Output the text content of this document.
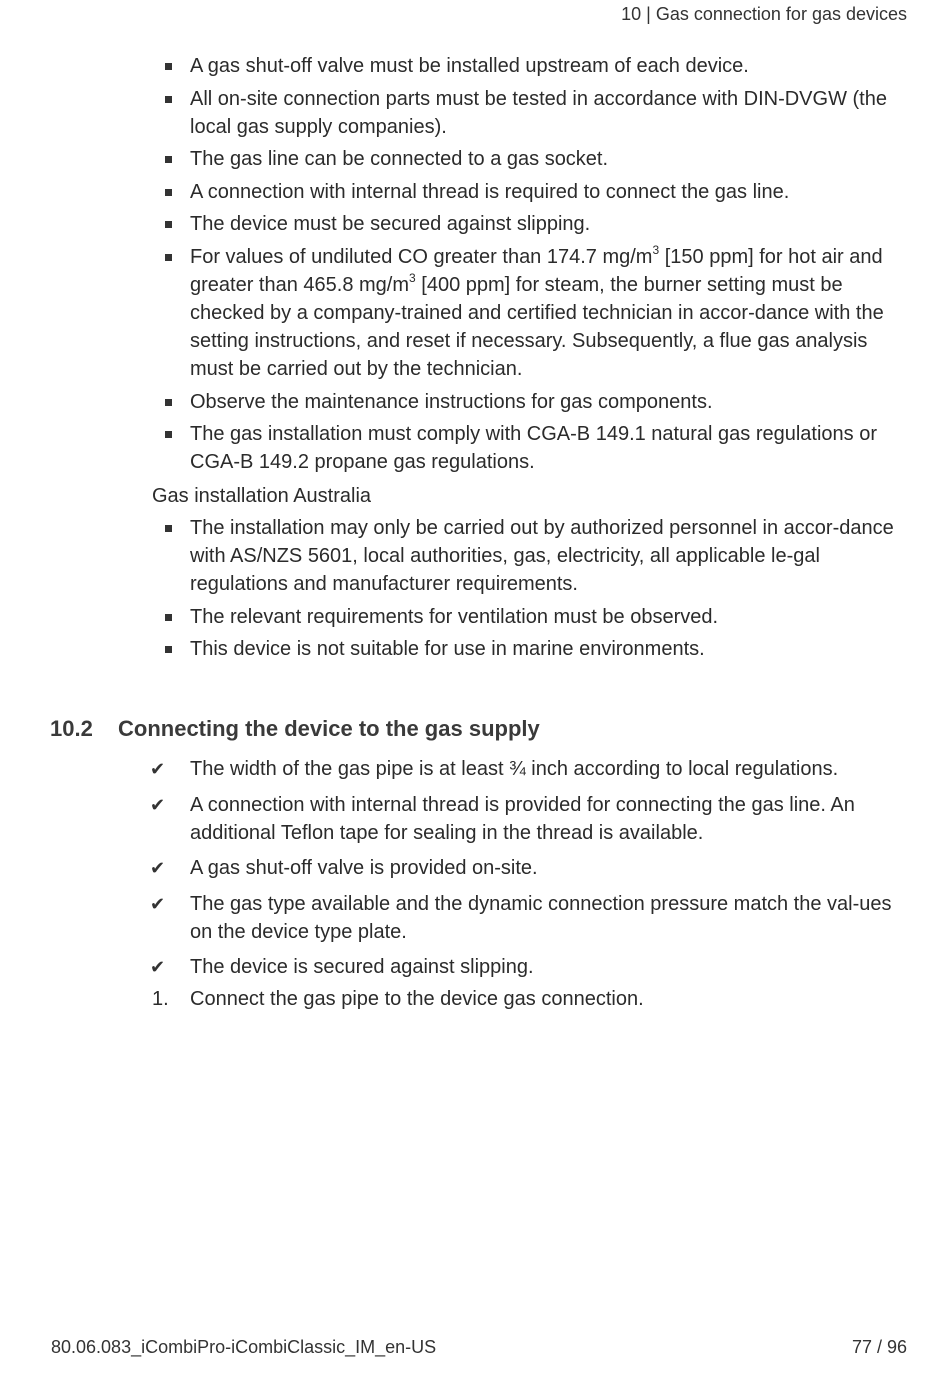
10 | Gas connection for gas devices
A gas shut-off valve must be installed upstream of each device.
All on-site connection parts must be tested in accordance with DIN-DVGW (the local gas supply companies).
The gas line can be connected to a gas socket.
A connection with internal thread is required to connect the gas line.
The device must be secured against slipping.
For values of undiluted CO greater than 174.7 $mg/m^3$ [150 ppm] for hot air and greater than 465.8 $mg/m^3$ [400 ppm] for steam, the burner setting must be checked by a company-trained and certified technician in accor-dance with the setting instructions, and reset if necessary. Subsequently, a flue gas analysis must be carried out by the technician.
Observe the maintenance instructions for gas components.
The gas installation must comply with CGA-B 149.1 natural gas regulations or CGA-B 149.2 propane gas regulations.
Gas installation Australia
The installation may only be carried out by authorized personnel in accor-dance with AS/NZS 5601, local authorities, gas, electricity, all applicable le-gal regulations and manufacturer requirements.
The relevant requirements for ventilation must be observed.
This device is not suitable for use in marine environments.
10.2 Connecting the device to the gas supply
✔ The width of the gas pipe is at least ¾ inch according to local regulations.
✔ A connection with internal thread is provided for connecting the gas line. An additional Teflon tape for sealing in the thread is available.
✔ A gas shut-off valve is provided on-site.
✔ The gas type available and the dynamic connection pressure match the val-ues on the device type plate.
✔ The device is secured against slipping.
1. Connect the gas pipe to the device gas connection.
80.06.083_iCombiPro-iCombiClassic_IM_en-US	77 / 96
